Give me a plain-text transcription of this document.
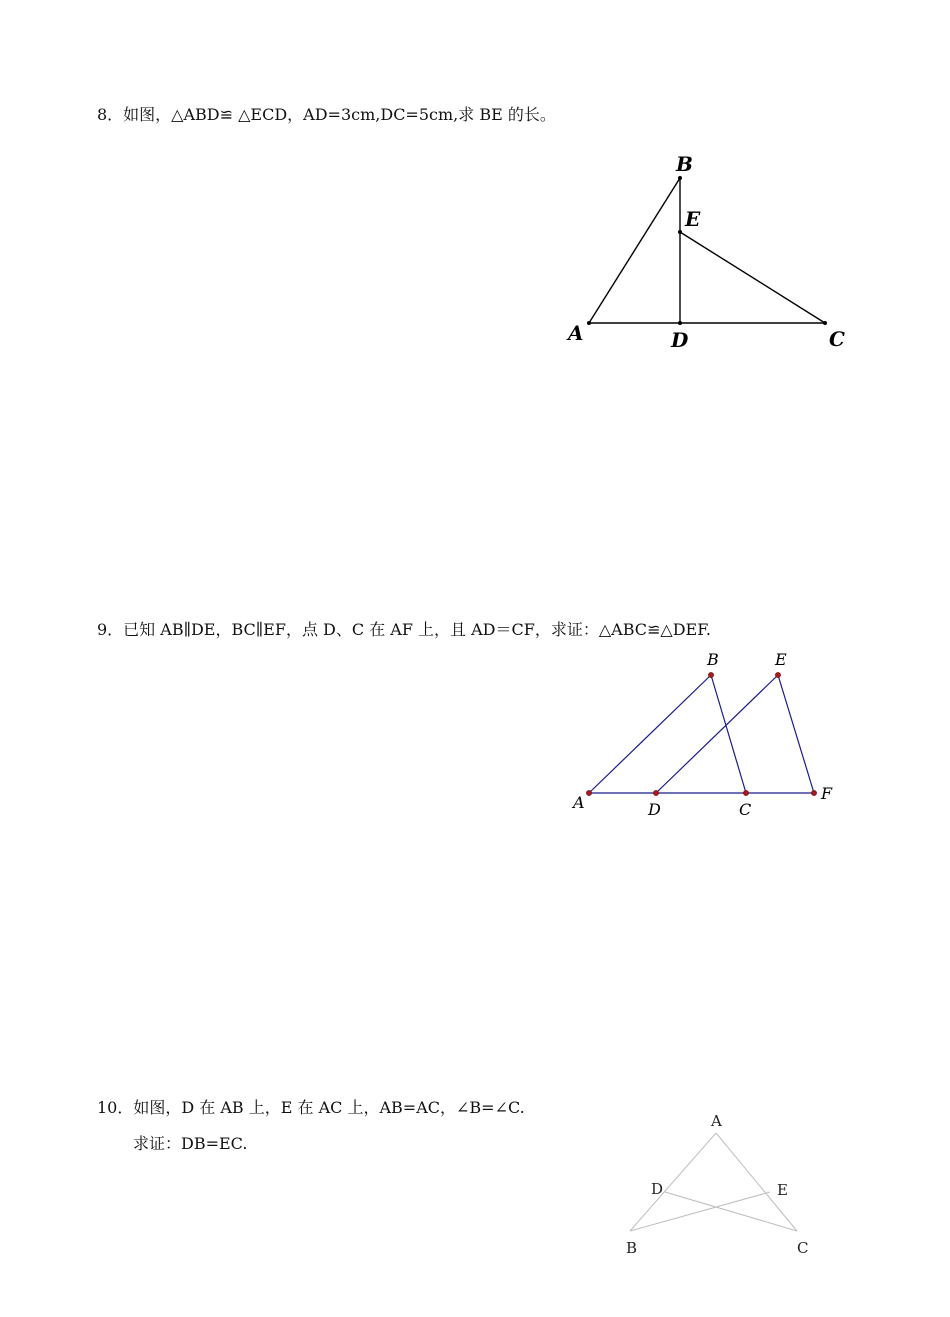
8．如图，△ABD≌ △ECD，AD=3cm,DC=5cm,求 BE 的长。
B
E
A	D	C
9．已知 AB∥DE，BC∥EF，点 D、C 在 AF 上，且 AD＝CF，求证：△ABC≌△DEF.
B	E
A	D	C
F
10．如图，D 在 AB 上，E 在 AC 上，AB=AC，∠B=∠C.
求证：DB=EC.
A
D	E
B	C
